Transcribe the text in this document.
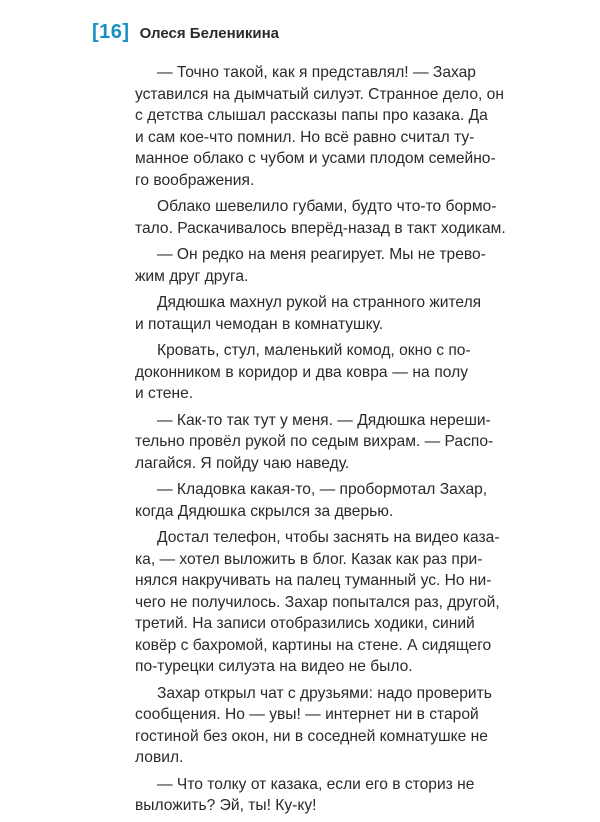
[16] Олеся Беленикина
— Точно такой, как я представлял! — Захар
уставился на дымчатый силуэт. Странное дело, он
с детства слышал рассказы папы про казака. Да
и сам кое-что помнил. Но всё равно считал ту-
манное облако с чубом и усами плодом семейно-
го воображения.
Облако шевелило губами, будто что-то бормо-
тало. Раскачивалось вперёд-назад в такт ходикам.
— Он редко на меня реагирует. Мы не трево-
жим друг друга.
Дядюшка махнул рукой на странного жителя
и потащил чемодан в комнатушку.
Кровать, стул, маленький комод, окно с по-
доконником в коридор и два ковра — на полу
и стене.
— Как-то так тут у меня. — Дядюшка нереши-
тельно провёл рукой по седым вихрам. — Распо-
лагайся. Я пойду чаю наведу.
— Кладовка какая-то, — пробормотал Захар,
когда Дядюшка скрылся за дверью.
Достал телефон, чтобы заснять на видео каза-
ка, — хотел выложить в блог. Казак как раз при-
нялся накручивать на палец туманный ус. Но ни-
чего не получилось. Захар попытался раз, другой,
третий. На записи отобразились ходики, синий
ковёр с бахромой, картины на стене. А сидящего
по-турецки силуэта на видео не было.
Захар открыл чат с друзьями: надо проверить
сообщения. Но — увы! — интернет ни в старой
гостиной без окон, ни в соседней комнатушке не
ловил.
— Что толку от казака, если его в сториз не
выложить? Эй, ты! Ку-ку!
